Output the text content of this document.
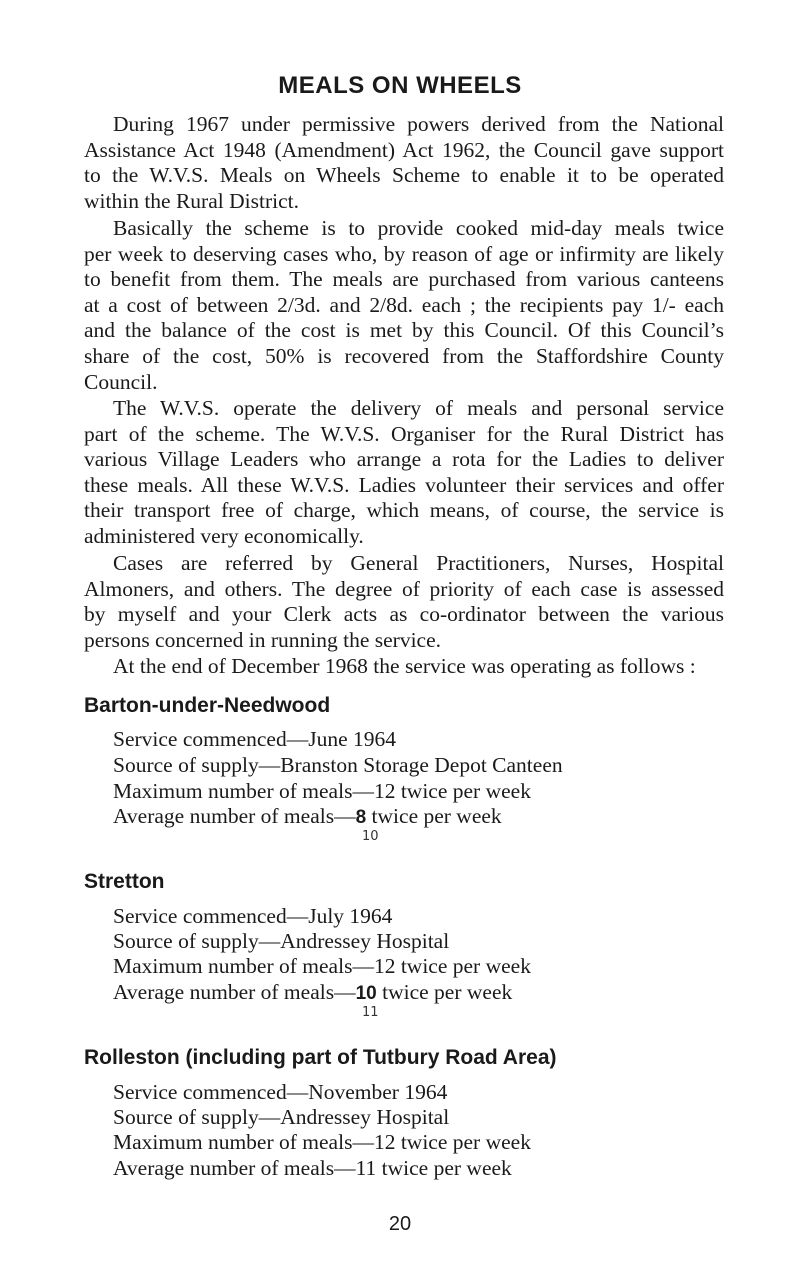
MEALS ON WHEELS

During 1967 under permissive powers derived from the National
Assistance Act 1948 (Amendment) Act 1962, the Council gave support
to the W.V.S. Meals on Wheels Scheme to enable it to be operated
within the Rural District.

Basically the scheme is to provide cooked mid-day meals twice
per week to deserving cases who, by reason of age or infirmity are likely
to benefit from them. The meals are purchased from various canteens
at a cost of between 2/3d. and 2/8d. each ; the recipients pay 1/- each
and the balance of the cost is met by this Council. Of this Council’s
share of the cost, 50% is recovered from the Staffordshire County
Council.

The W.V.S. operate the delivery of meals and personal service
part of the scheme. The W.V.S. Organiser for the Rural District has
various Village Leaders who arrange a rota for the Ladies to deliver
these meals. All these W.V.S. Ladies volunteer their services and offer
their transport free of charge, which means, of course, the service is
administered very economically.

Cases are referred by General Practitioners, Nurses, Hospital
Almoners, and others. The degree of priority of each case is assessed
by myself and your Clerk acts as co-ordinator between the various
persons concerned in running the service.

At the end of December 1968 the service was operating as follows :

Barton-under-Needwood
Service commenced—June 1964
Source of supply—Branston Storage Depot Canteen
Maximum number of meals—12 twice per week
Average number of meals—8 twice per week
10
Stretton
Service commenced—July 1964
Source of supply—Andressey Hospital
Maximum number of meals—12 twice per week
Average number of meals—10 twice per week
11
Rolleston (including part of Tutbury Road Area)
Service commenced—November 1964
Source of supply—Andressey Hospital
Maximum number of meals—12 twice per week
Average number of meals—11 twice per week
20
